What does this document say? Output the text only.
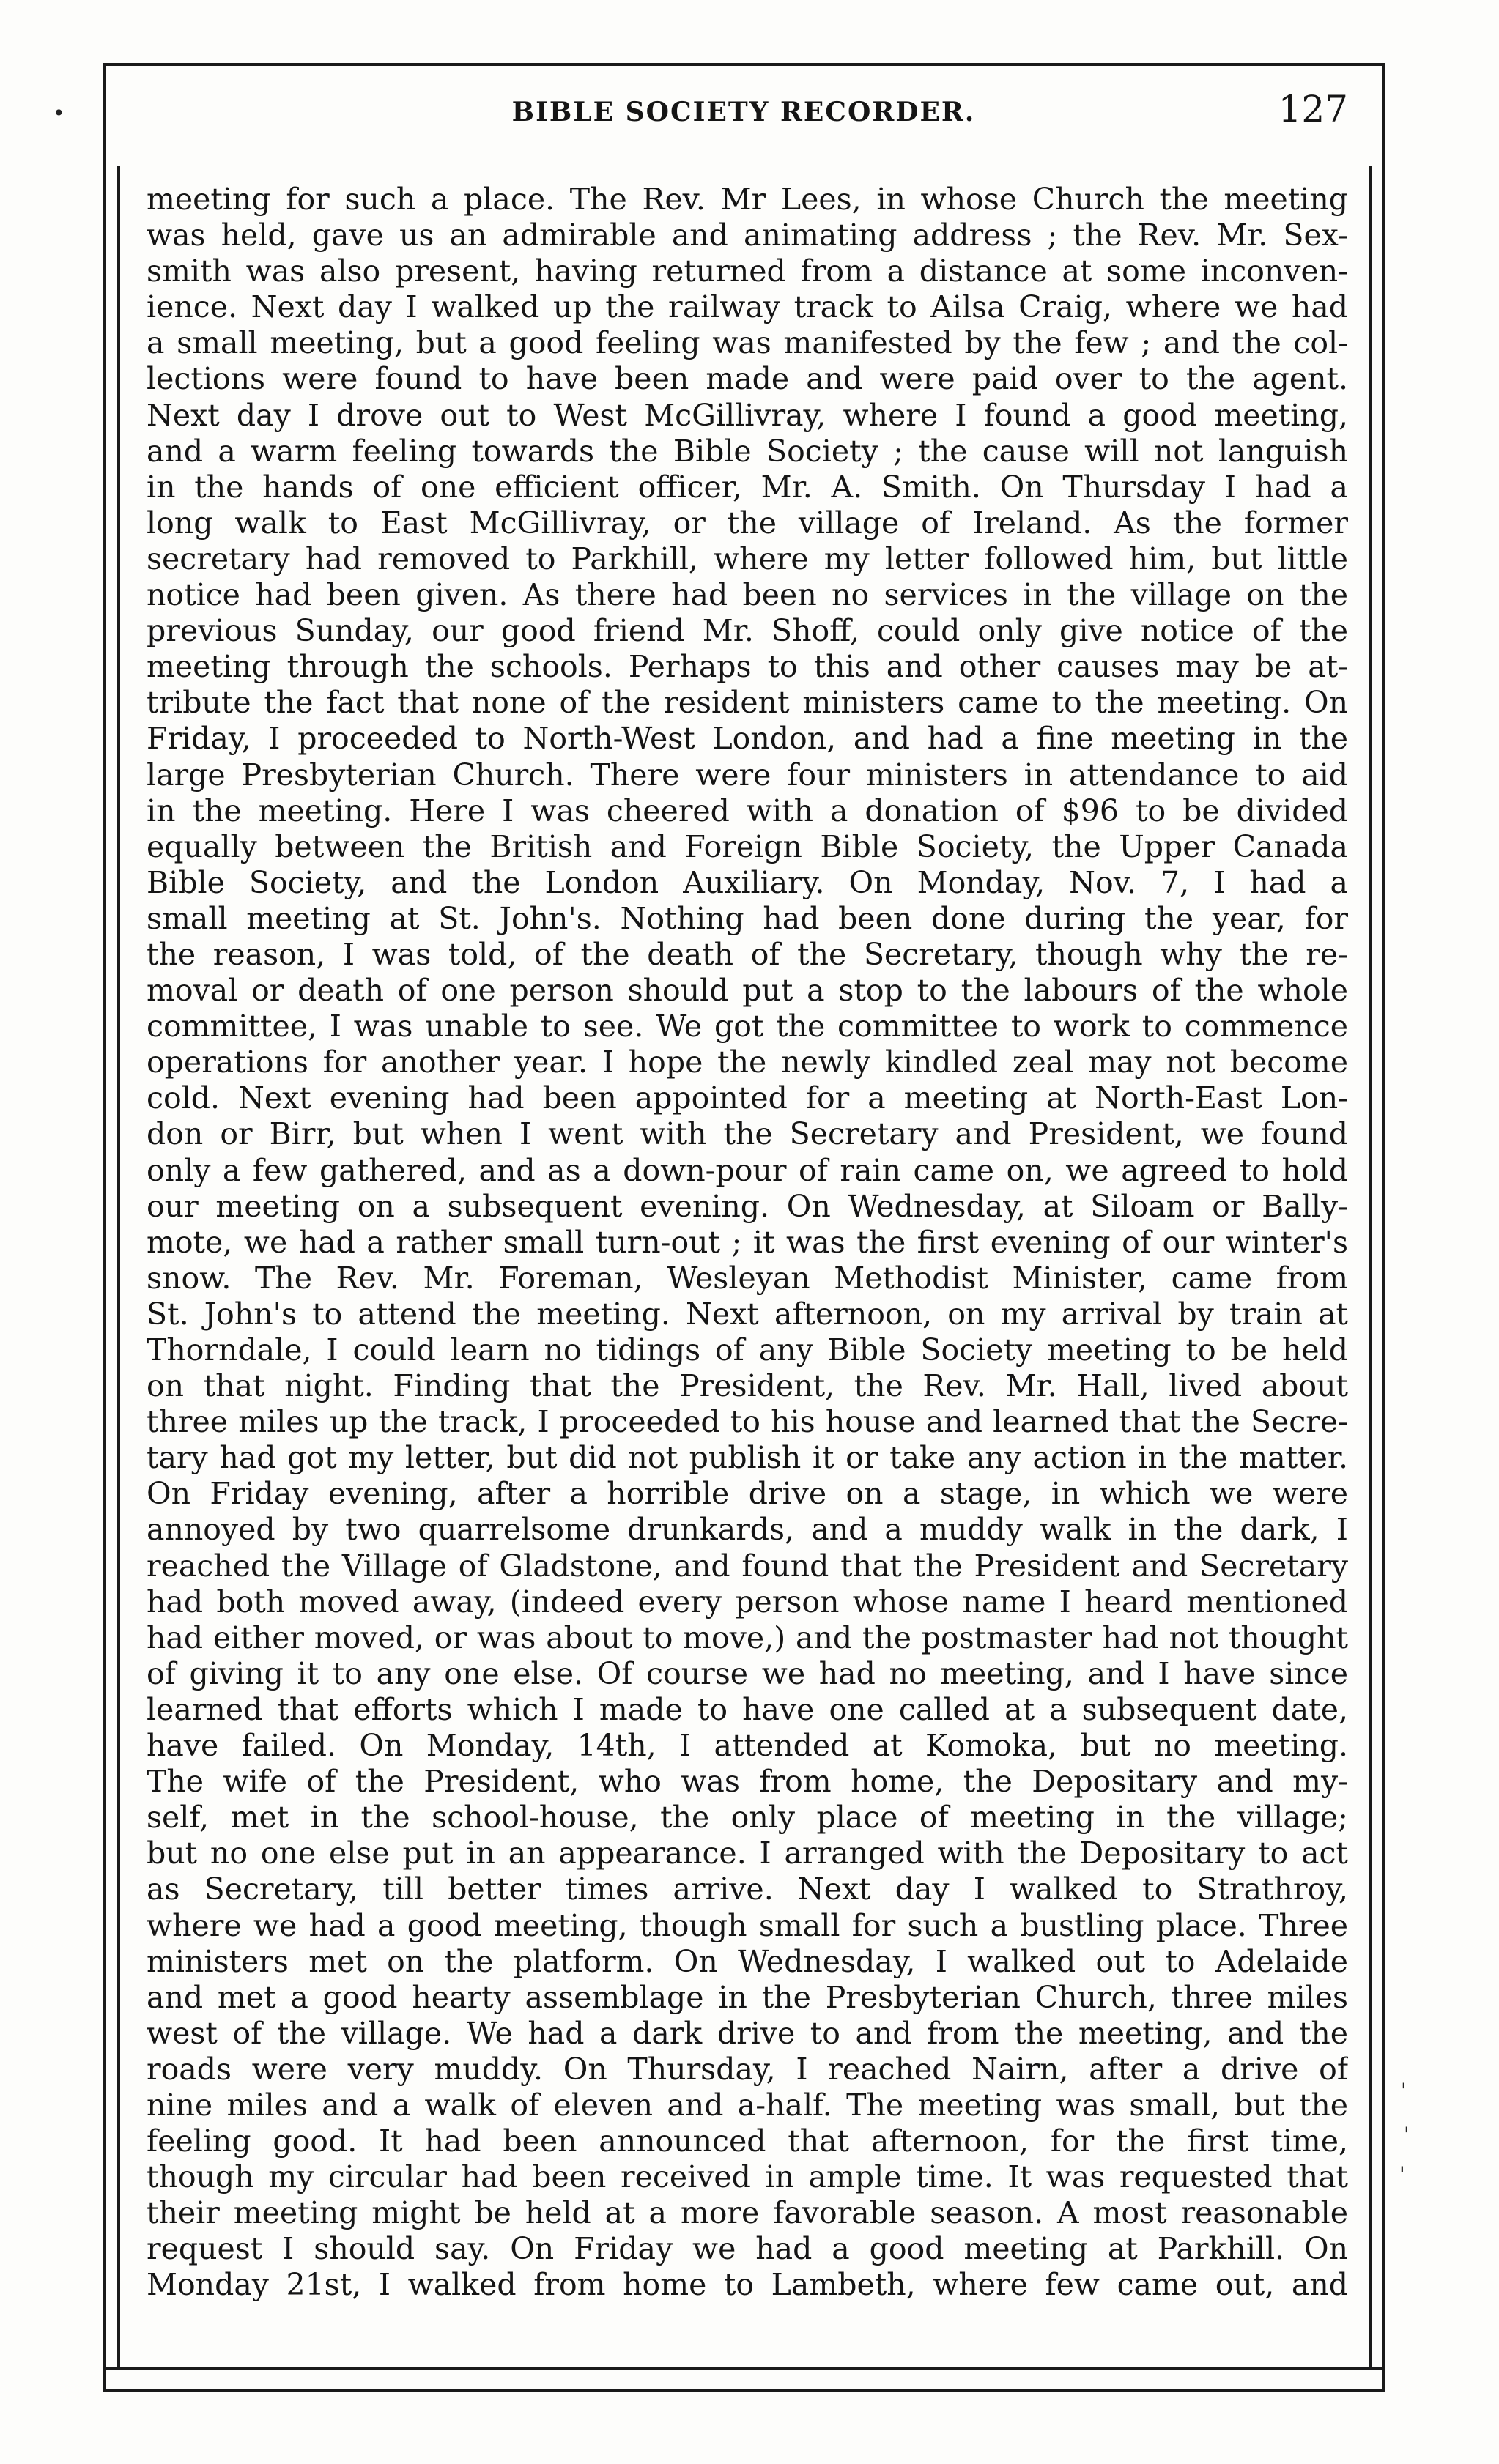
•
'
'
'
BIBLE SOCIETY RECORDER.	127
meeting for such a place. The Rev. Mr Lees, in whose Church the meeting
was held, gave us an admirable and animating address ; the Rev. Mr. Sex-
smith was also present, having returned from a distance at some inconven-
ience. Next day I walked up the railway track to Ailsa Craig, where we had
a small meeting, but a good feeling was manifested by the few ; and the col-
lections were found to have been made and were paid over to the agent.
Next day I drove out to West McGillivray, where I found a good meeting,
and a warm feeling towards the Bible Society ; the cause will not languish
in the hands of one efficient officer, Mr. A. Smith. On Thursday I had a
long walk to East McGillivray, or the village of Ireland. As the former
secretary had removed to Parkhill, where my letter followed him, but little
notice had been given. As there had been no services in the village on the
previous Sunday, our good friend Mr. Shoff, could only give notice of the
meeting through the schools. Perhaps to this and other causes may be at-
tribute the fact that none of the resident ministers came to the meeting. On
Friday, I proceeded to North-West London, and had a fine meeting in the
large Presbyterian Church. There were four ministers in attendance to aid
in the meeting. Here I was cheered with a donation of $96 to be divided
equally between the British and Foreign Bible Society, the Upper Canada
Bible Society, and the London Auxiliary. On Monday, Nov. 7, I had a
small meeting at St. John's. Nothing had been done during the year, for
the reason, I was told, of the death of the Secretary, though why the re-
moval or death of one person should put a stop to the labours of the whole
committee, I was unable to see. We got the committee to work to commence
operations for another year. I hope the newly kindled zeal may not become
cold. Next evening had been appointed for a meeting at North-East Lon-
don or Birr, but when I went with the Secretary and President, we found
only a few gathered, and as a down-pour of rain came on, we agreed to hold
our meeting on a subsequent evening. On Wednesday, at Siloam or Bally-
mote, we had a rather small turn-out ; it was the first evening of our winter's
snow. The Rev. Mr. Foreman, Wesleyan Methodist Minister, came from
St. John's to attend the meeting. Next afternoon, on my arrival by train at
Thorndale, I could learn no tidings of any Bible Society meeting to be held
on that night. Finding that the President, the Rev. Mr. Hall, lived about
three miles up the track, I proceeded to his house and learned that the Secre-
tary had got my letter, but did not publish it or take any action in the matter.
On Friday evening, after a horrible drive on a stage, in which we were
annoyed by two quarrelsome drunkards, and a muddy walk in the dark, I
reached the Village of Gladstone, and found that the President and Secretary
had both moved away, (indeed every person whose name I heard mentioned
had either moved, or was about to move,) and the postmaster had not thought
of giving it to any one else. Of course we had no meeting, and I have since
learned that efforts which I made to have one called at a subsequent date,
have failed. On Monday, 14th, I attended at Komoka, but no meeting.
The wife of the President, who was from home, the Depositary and my-
self, met in the school-house, the only place of meeting in the village;
but no one else put in an appearance. I arranged with the Depositary to act
as Secretary, till better times arrive. Next day I walked to Strathroy,
where we had a good meeting, though small for such a bustling place. Three
ministers met on the platform. On Wednesday, I walked out to Adelaide
and met a good hearty assemblage in the Presbyterian Church, three miles
west of the village. We had a dark drive to and from the meeting, and the
roads were very muddy. On Thursday, I reached Nairn, after a drive of
nine miles and a walk of eleven and a-half. The meeting was small, but the
feeling good. It had been announced that afternoon, for the first time,
though my circular had been received in ample time. It was requested that
their meeting might be held at a more favorable season. A most reasonable
request I should say. On Friday we had a good meeting at Parkhill. On
Monday 21st, I walked from home to Lambeth, where few came out, and
